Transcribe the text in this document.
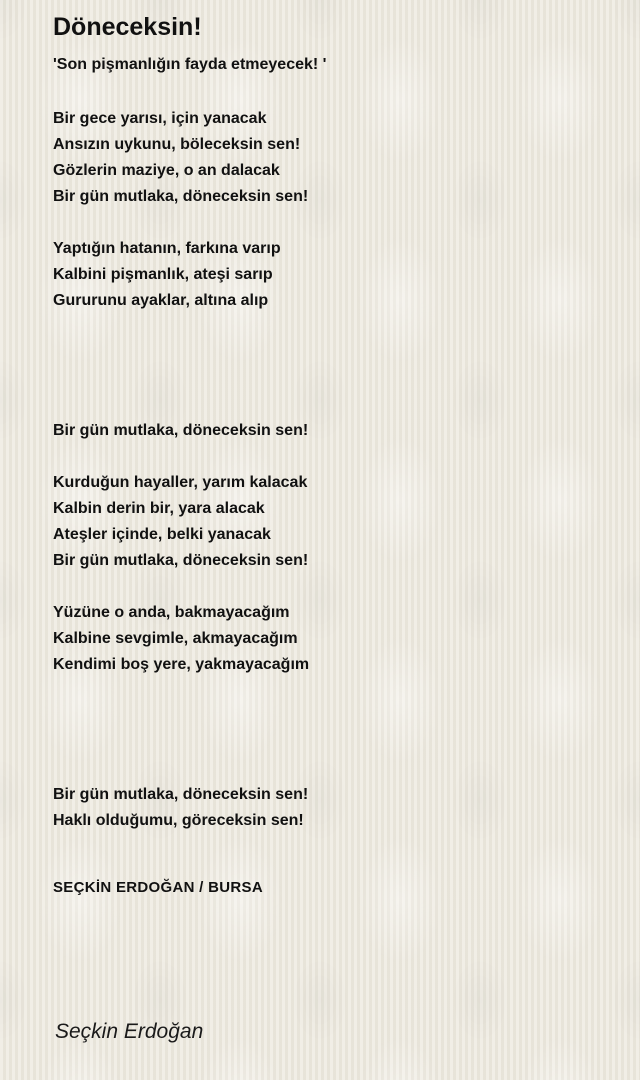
Döneceksin!
'Son pişmanlığın fayda etmeyecek! '
Bir gece yarısı, için yanacak
Ansızın uykunu, böleceksin sen!
Gözlerin maziye, o an dalacak
Bir gün mutlaka, döneceksin sen!
Yaptığın hatanın, farkına varıp
Kalbini pişmanlık, ateşi sarıp
Gururunu ayaklar, altına alıp
Bir gün mutlaka, döneceksin sen!
Kurduğun hayaller, yarım kalacak
Kalbin derin bir, yara alacak
Ateşler içinde, belki yanacak
Bir gün mutlaka, döneceksin sen!
Yüzüne o anda, bakmayacağım
Kalbine sevgimle, akmayacağım
Kendimi boş yere, yakmayacağım
Bir gün mutlaka, döneceksin sen!
Haklı olduğumu, göreceksin sen!
SEÇKİN ERDOĞAN / BURSA
Seçkin Erdoğan
